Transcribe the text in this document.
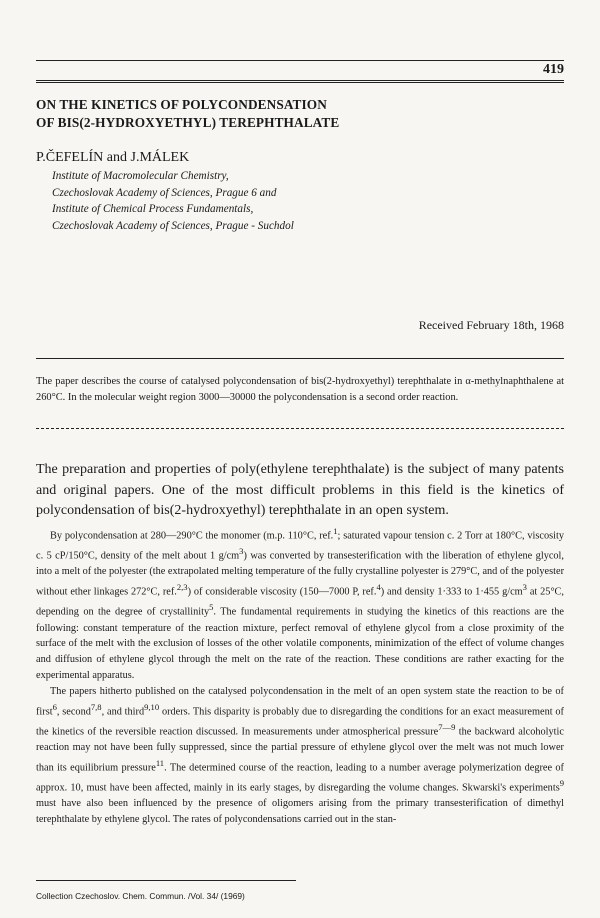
419
ON THE KINETICS OF POLYCONDENSATION
OF BIS(2-HYDROXYETHYL) TEREPHTHALATE
P.ČEFELÍN and J.MÁLEK
Institute of Macromolecular Chemistry,
Czechoslovak Academy of Sciences, Prague 6 and
Institute of Chemical Process Fundamentals,
Czechoslovak Academy of Sciences, Prague - Suchdol
Received February 18th, 1968
The paper describes the course of catalysed polycondensation of bis(2-hydroxyethyl) terephthalate in α-methylnaphthalene at 260°C. In the molecular weight region 3000—30000 the polycondensation is a second order reaction.
The preparation and properties of poly(ethylene terephthalate) is the subject of many patents and original papers. One of the most difficult problems in this field is the kinetics of polycondensation of bis(2-hydroxyethyl) terephthalate in an open system.

By polycondensation at 280—290°C the monomer (m.p. 110°C, ref.$^1$; saturated vapour tension c. 2 Torr at 180°C, viscosity c. 5 cP/150°C, density of the melt about 1 $g/cm^3$) was converted by transesterification with the liberation of ethylene glycol, into a melt of the polyester (the extrapolated melting temperature of the fully crystalline polyester is 279°C, and of the polyester without ether linkages 272°C, ref.$^{2,3}$) of considerable viscosity (150—7000 P, ref.$^4$) and density 1·333 to 1·455 $g/cm^3$ at 25°C, depending on the degree of crystallinity$^5$. The fundamental requirements in studying the kinetics of this reactions are the following: constant temperature of the reaction mixture, perfect removal of ethylene glycol from a close proximity of the surface of the melt with the exclusion of losses of the other volatile components, minimization of the effect of volume changes and diffusion of ethylene glycol through the melt on the rate of the reaction. These conditions are rather exacting for the experimental apparatus.

The papers hitherto published on the catalysed polycondensation in the melt of an open system state the reaction to be of first$^6$, second$^{7,8}$, and third$^{9,10}$ orders. This disparity is probably due to disregarding the conditions for an exact measurement of the kinetics of the reversible reaction discussed. In measurements under atmospherical pressure$^{7—9}$ the backward alcoholytic reaction may not have been fully suppressed, since the partial pressure of ethylene glycol over the melt was not much lower than its equilibrium pressure$^{11}$. The determined course of the reaction, leading to a number average polymerization degree of approx. 10, must have been affected, mainly in its early stages, by disregarding the volume changes. Skwarski's experiments$^9$ must have also been influenced by the presence of oligomers arising from the primary transesterification of dimethyl terephthalate by ethylene glycol. The rates of polycondensations carried out in the stan-

Collection Czechoslov. Chem. Commun. /Vol. 34/ (1969)
